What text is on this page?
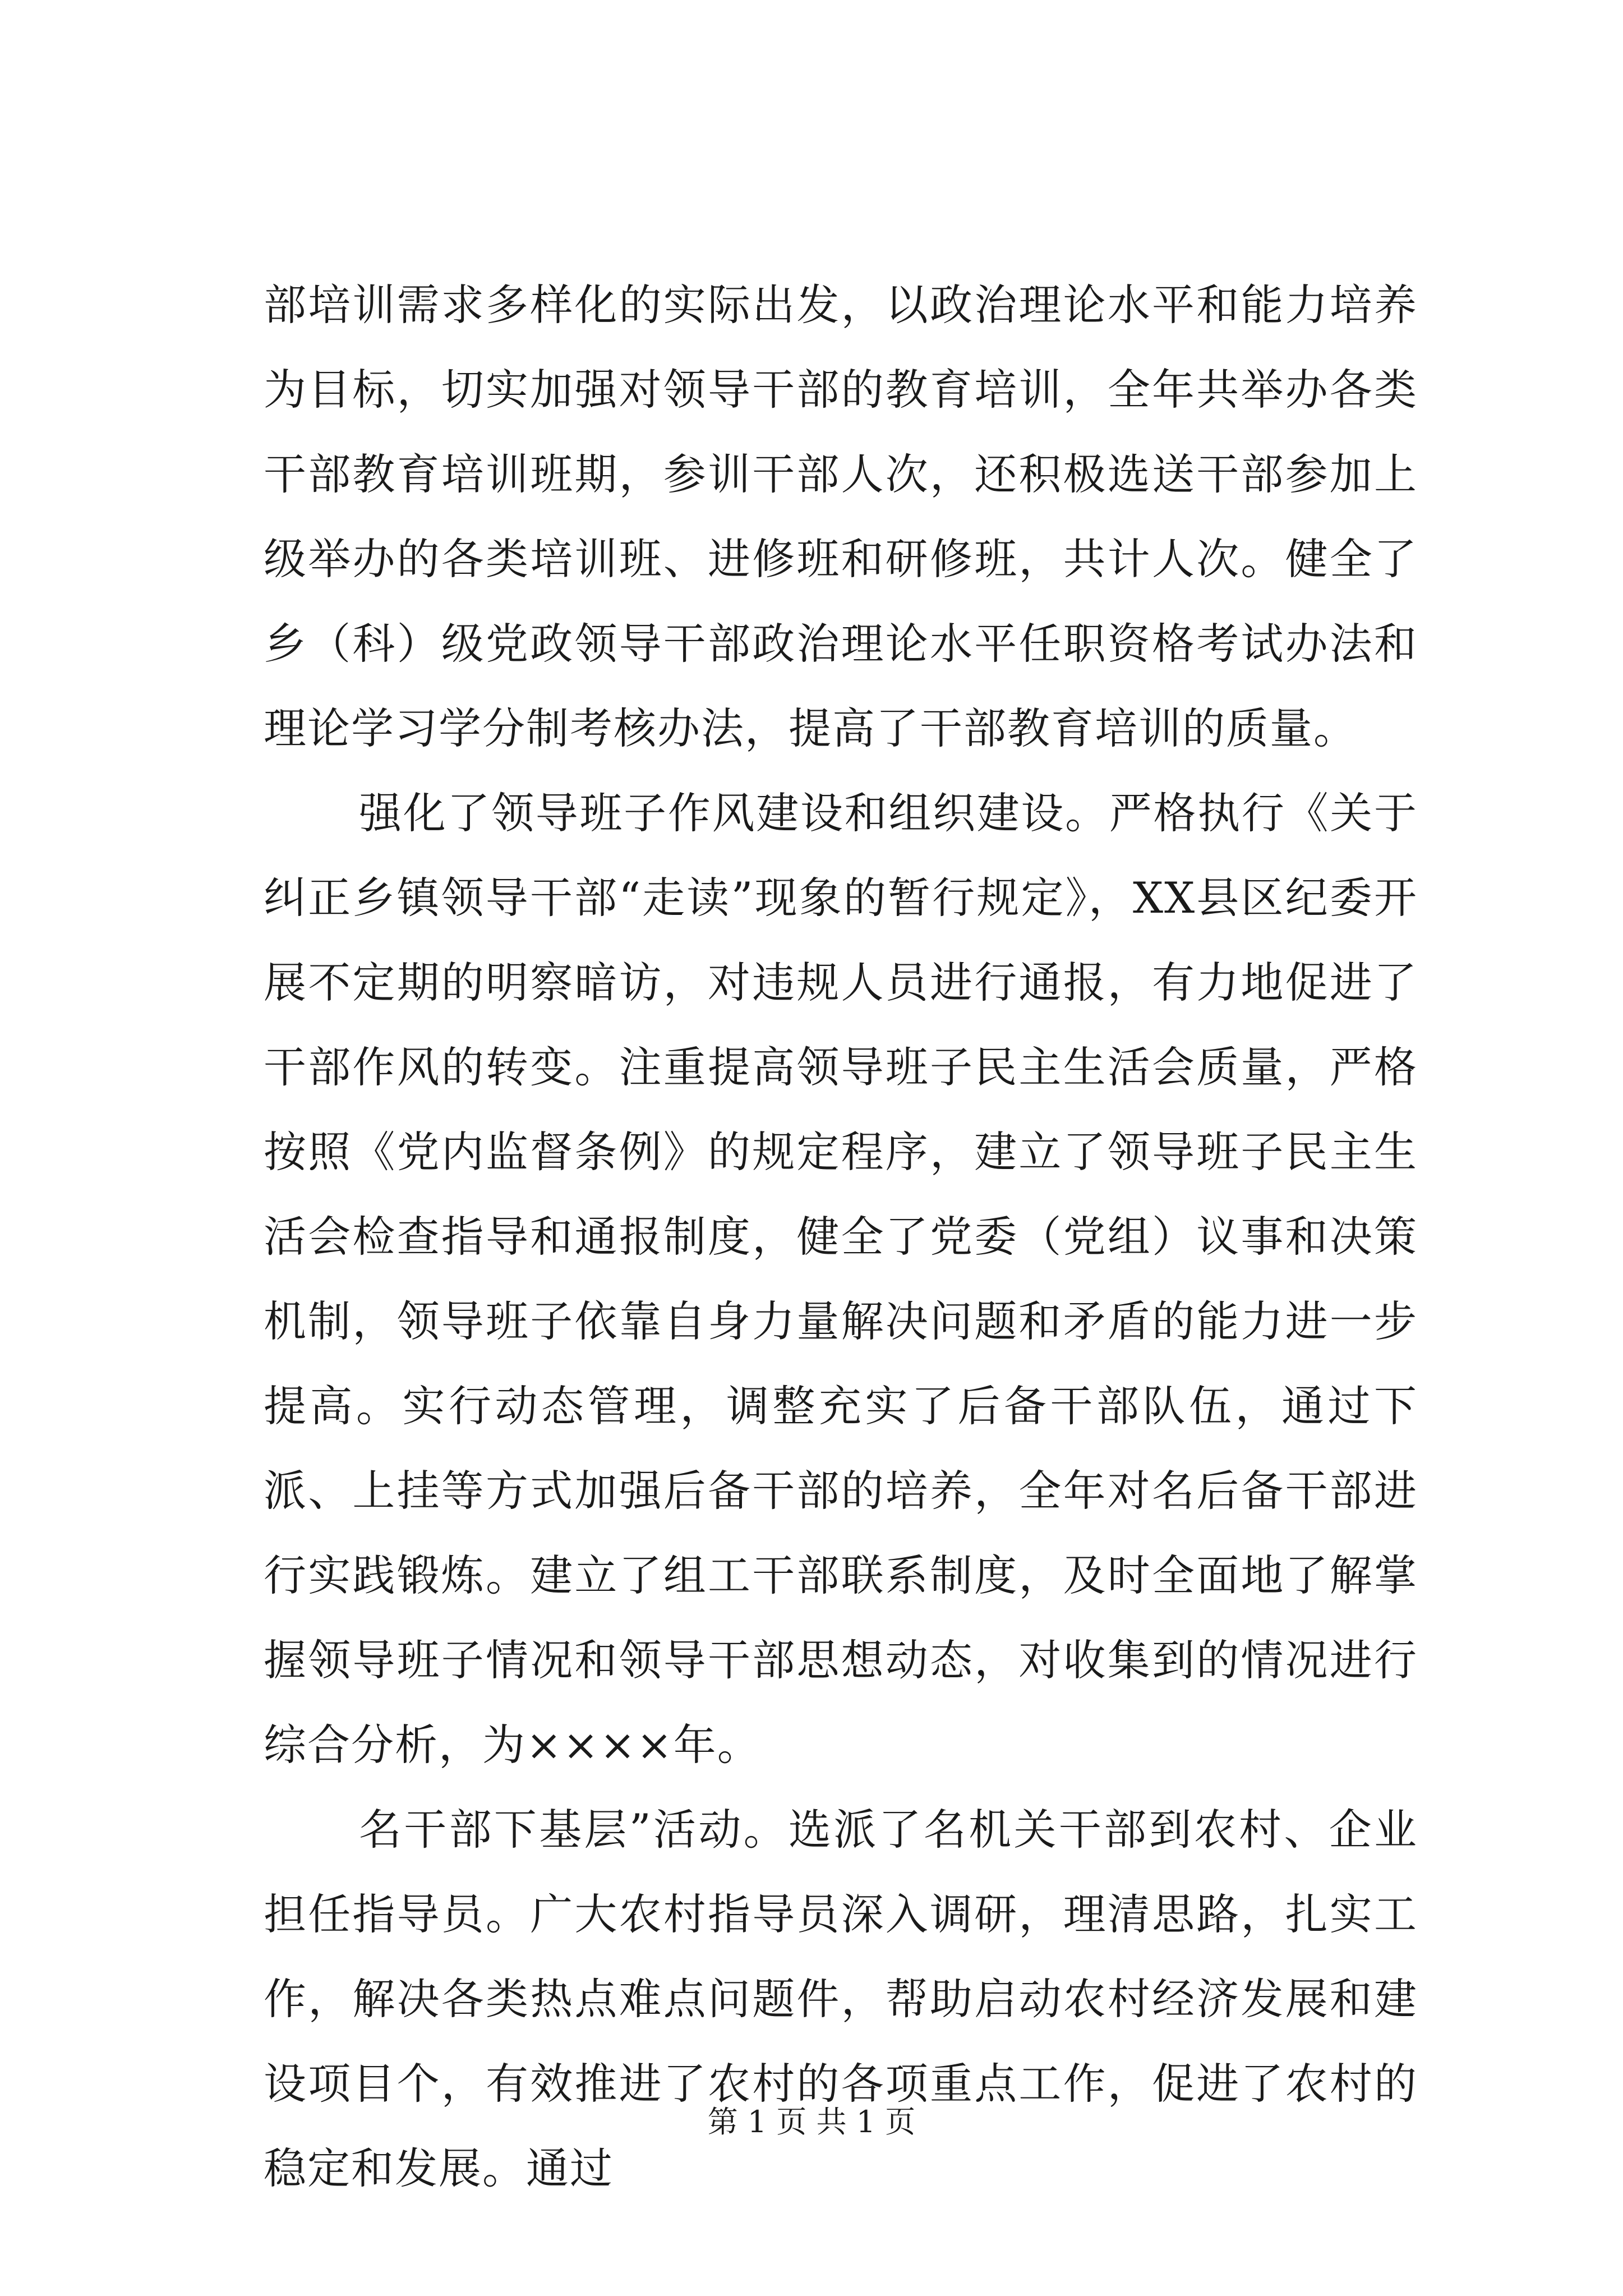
部培训需求多样化的实际出发，以政治理论水平和能力培养为目标，切实加强对领导干部的教育培训，全年共举办各类干部教育培训班期，参训干部人次，还积极选送干部参加上级举办的各类培训班、进修班和研修班，共计人次。健全了乡（科）级党政领导干部政治理论水平任职资格考试办法和理论学习学分制考核办法，提高了干部教育培训的质量。

强化了领导班子作风建设和组织建设。严格执行《关于纠正乡镇领导干部“走读”现象的暂行规定》，XX县区纪委开展不定期的明察暗访，对违规人员进行通报，有力地促进了干部作风的转变。注重提高领导班子民主生活会质量，严格按照《党内监督条例》的规定程序，建立了领导班子民主生活会检查指导和通报制度，健全了党委（党组）议事和决策机制，领导班子依靠自身力量解决问题和矛盾的能力进一步提高。实行动态管理，调整充实了后备干部队伍，通过下派、上挂等方式加强后备干部的培养，全年对名后备干部进行实践锻炼。建立了组工干部联系制度，及时全面地了解掌握领导班子情况和领导干部思想动态，对收集到的情况进行综合分析，为××××年。

名干部下基层”活动。选派了名机关干部到农村、企业担任指导员。广大农村指导员深入调研，理清思路，扎实工作，解决各类热点难点问题件，帮助启动农村经济发展和建设项目个，有效推进了农村的各项重点工作，促进了农村的稳定和发展。通过

第 1 页 共 1 页
